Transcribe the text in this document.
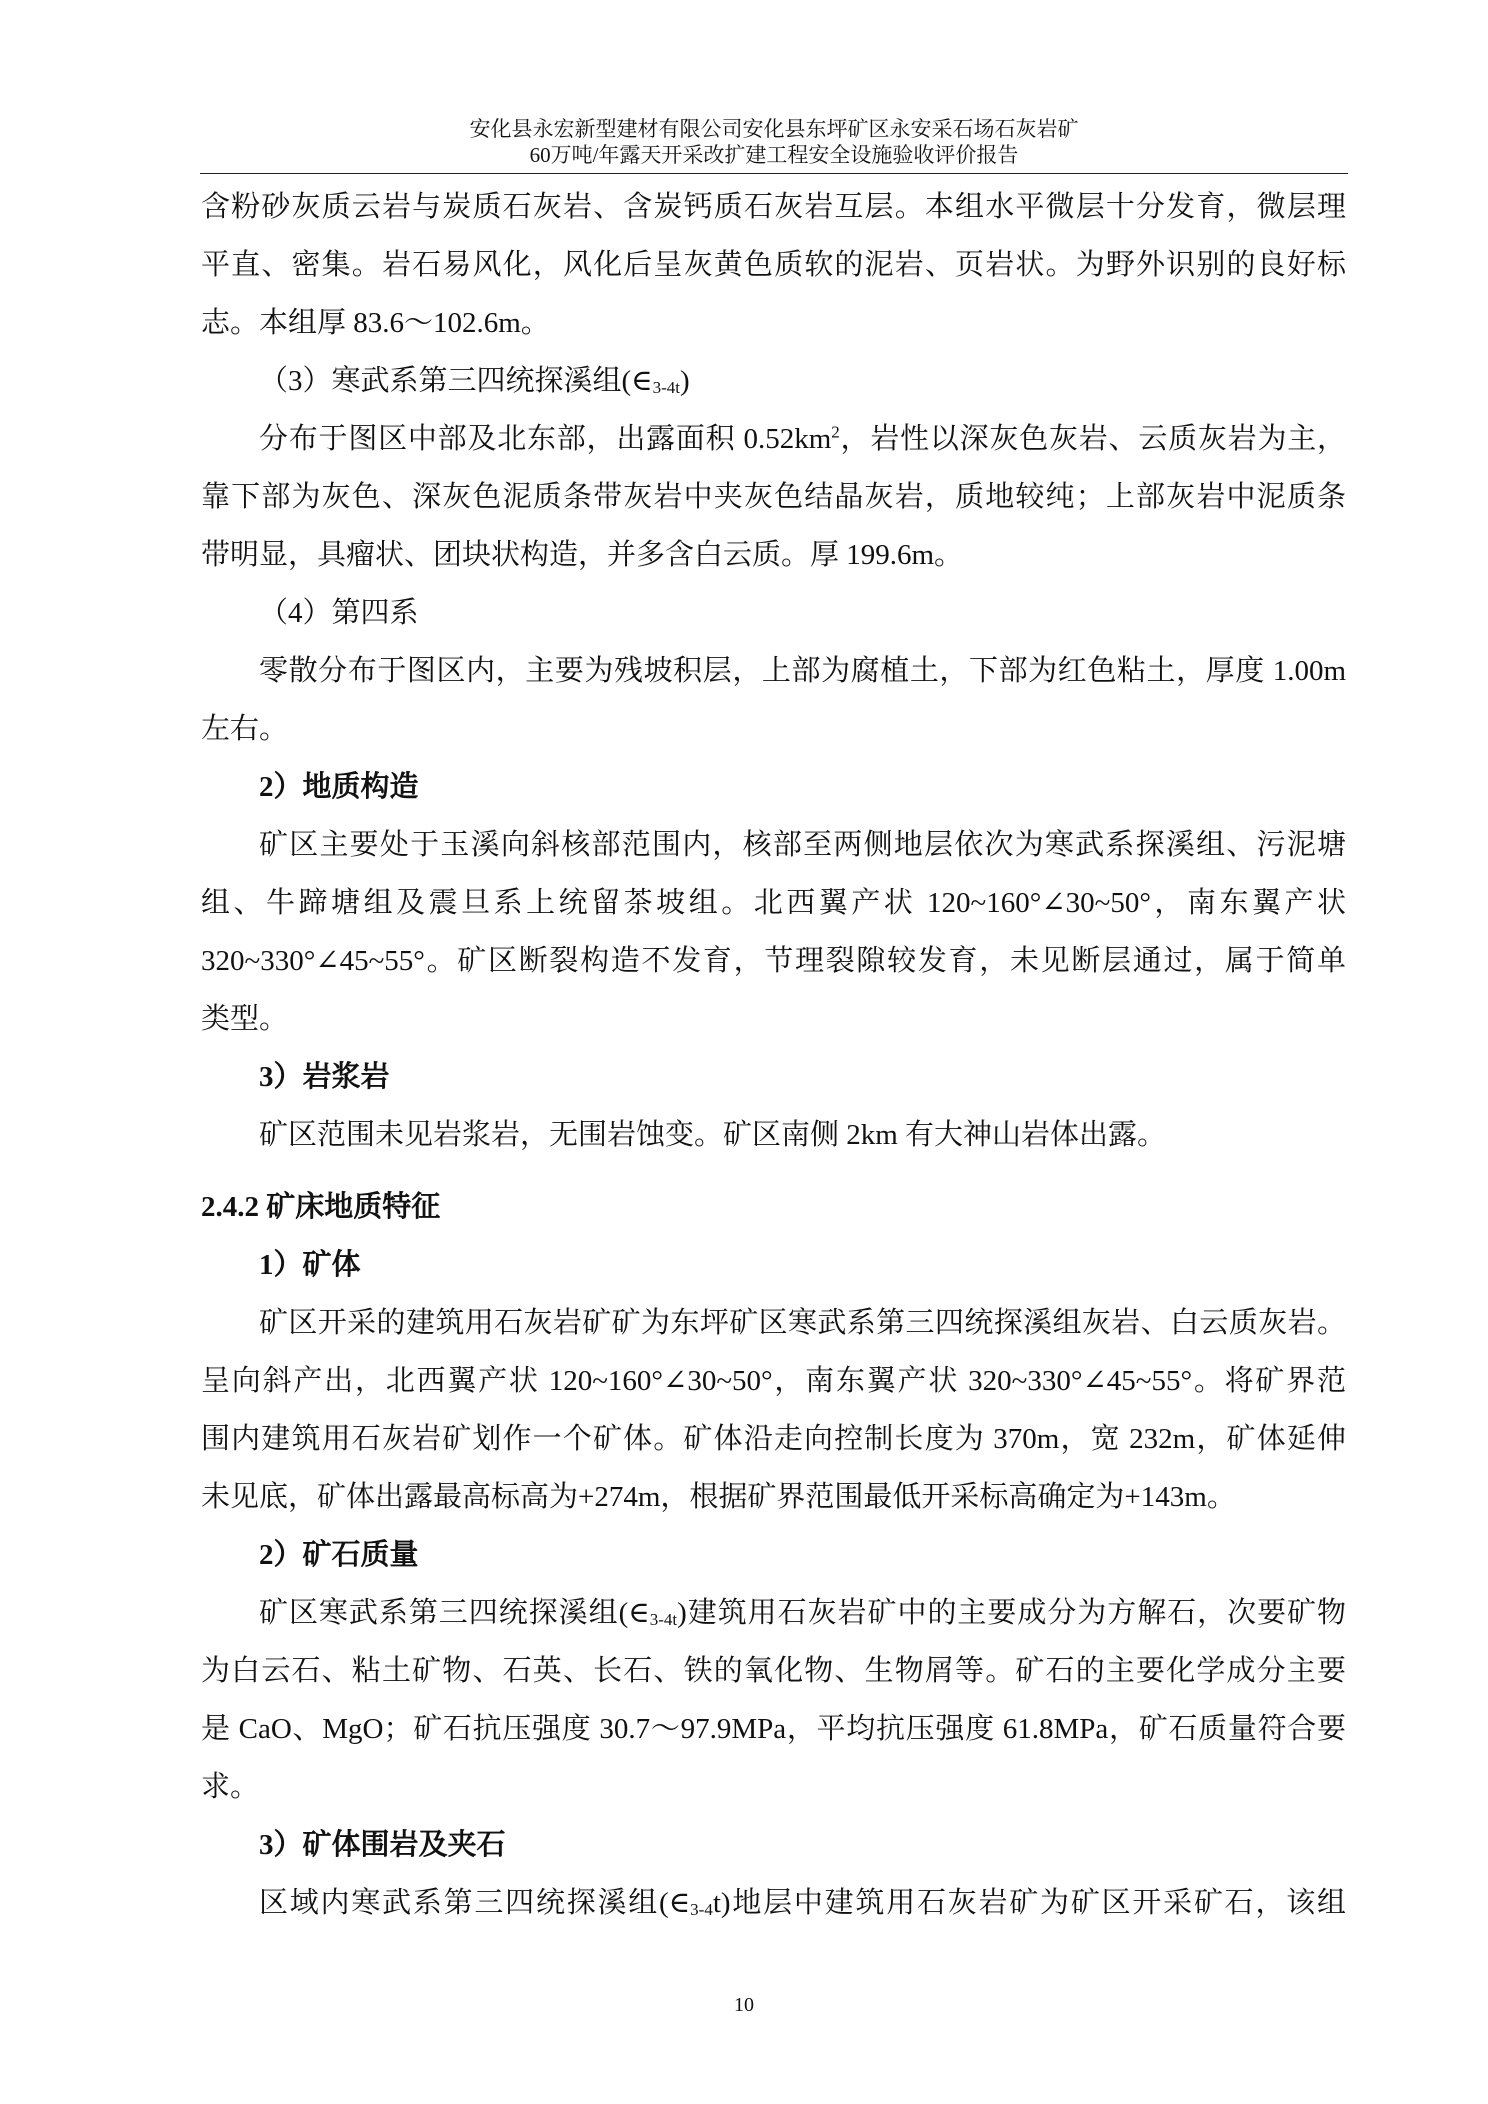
安化县永宏新型建材有限公司安化县东坪矿区永安采石场石灰岩矿
60万吨/年露天开采改扩建工程安全设施验收评价报告
含粉砂灰质云岩与炭质石灰岩、含炭钙质石灰岩互层。本组水平微层十分发育，微层理
平直、密集。岩石易风化，风化后呈灰黄色质软的泥岩、页岩状。为野外识别的良好标
志。本组厚 83.6～102.6m。
（3）寒武系第三四统探溪组$(\in_{3-4t})$
分布于图区中部及北东部，出露面积 $0.52km^2$，岩性以深灰色灰岩、云质灰岩为主，
靠下部为灰色、深灰色泥质条带灰岩中夹灰色结晶灰岩，质地较纯；上部灰岩中泥质条
带明显，具瘤状、团块状构造，并多含白云质。厚 199.6m。
（4）第四系
零散分布于图区内，主要为残坡积层，上部为腐植土，下部为红色粘土，厚度 1.00m
左右。
2）地质构造
矿区主要处于玉溪向斜核部范围内，核部至两侧地层依次为寒武系探溪组、污泥塘
组、牛蹄塘组及震旦系上统留茶坡组。北西翼产状 120~160°∠30~50°，南东翼产状
320~330°∠45~55°。矿区断裂构造不发育，节理裂隙较发育，未见断层通过，属于简单
类型。
3）岩浆岩
矿区范围未见岩浆岩，无围岩蚀变。矿区南侧 2km 有大神山岩体出露。
2.4.2 矿床地质特征
1）矿体
矿区开采的建筑用石灰岩矿矿为东坪矿区寒武系第三四统探溪组灰岩、白云质灰岩。
呈向斜产出，北西翼产状 120~160°∠30~50°，南东翼产状 320~330°∠45~55°。将矿界范
围内建筑用石灰岩矿划作一个矿体。矿体沿走向控制长度为 370m，宽 232m，矿体延伸
未见底，矿体出露最高标高为+274m，根据矿界范围最低开采标高确定为+143m。
2）矿石质量
矿区寒武系第三四统探溪组$(\in_{3-4t})$建筑用石灰岩矿中的主要成分为方解石，次要矿物
为白云石、粘土矿物、石英、长石、铁的氧化物、生物屑等。矿石的主要化学成分主要
是 CaO、MgO；矿石抗压强度 30.7～97.9MPa，平均抗压强度 61.8MPa，矿石质量符合要
求。
3）矿体围岩及夹石
区域内寒武系第三四统探溪组$(\in_{3-4}t)$地层中建筑用石灰岩矿为矿区开采矿石，该组
10
